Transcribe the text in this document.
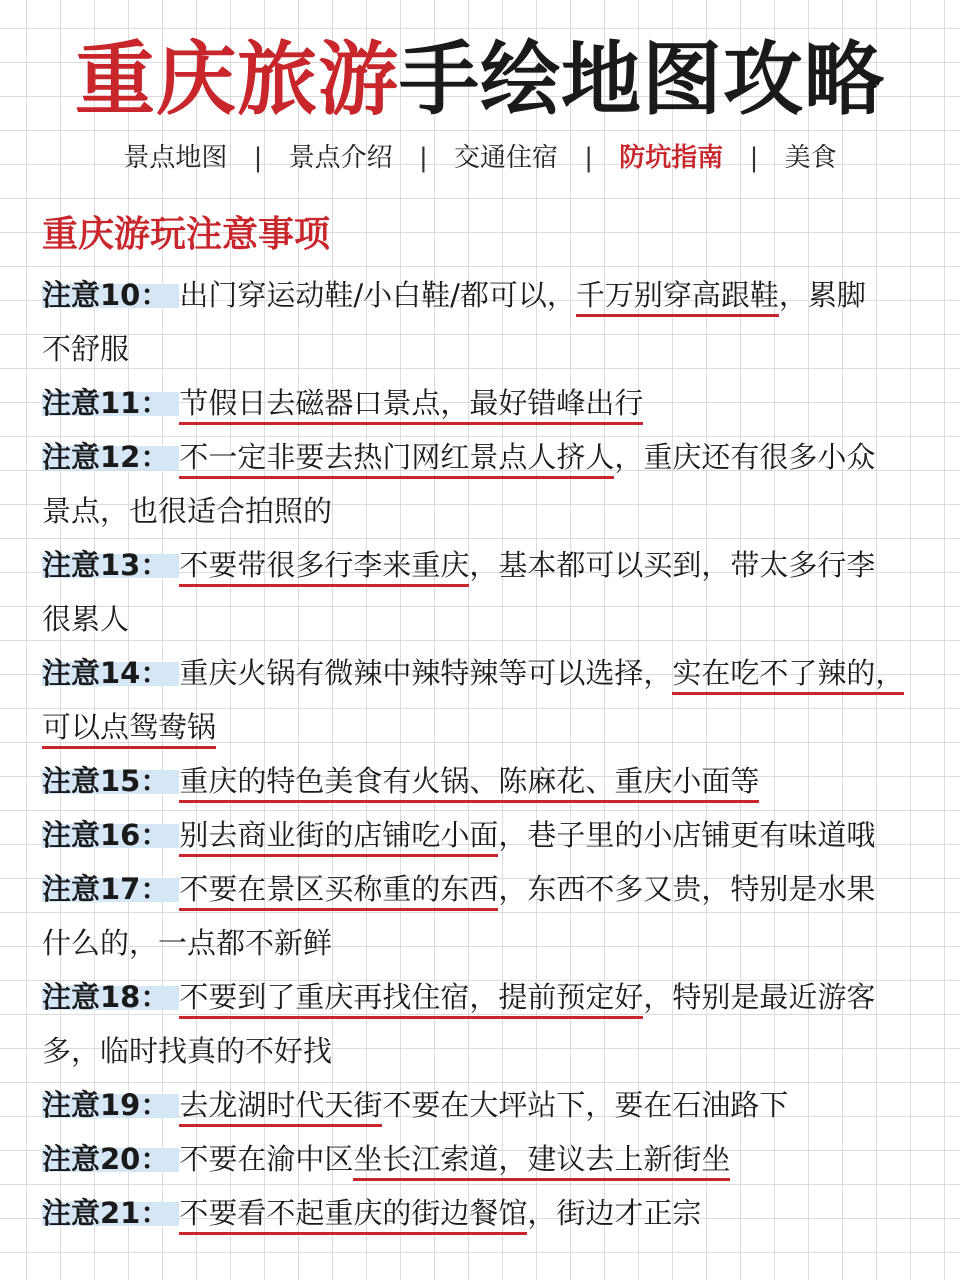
重庆旅游手绘地图攻略
景点地图 | 景点介绍 | 交通住宿 | 防坑指南 | 美食
重庆游玩注意事项

注意10： 出门穿运动鞋/小白鞋/都可以，千万别穿高跟鞋，累脚

不舒服

注意11： 节假日去磁器口景点，最好错峰出行

注意12： 不一定非要去热门网红景点人挤人，重庆还有很多小众

景点，也很适合拍照的

注意13： 不要带很多行李来重庆，基本都可以买到，带太多行李

很累人

注意14： 重庆火锅有微辣中辣特辣等可以选择，实在吃不了辣的，

可以点鸳鸯锅

注意15： 重庆的特色美食有火锅、陈麻花、重庆小面等

注意16： 别去商业街的店铺吃小面，巷子里的小店铺更有味道哦

注意17： 不要在景区买称重的东西，东西不多又贵，特别是水果

什么的，一点都不新鲜

注意18： 不要到了重庆再找住宿，提前预定好，特别是最近游客

多，临时找真的不好找

注意19： 去龙湖时代天街不要在大坪站下，要在石油路下

注意20： 不要在渝中区坐长江索道，建议去上新街坐

注意21： 不要看不起重庆的街边餐馆，街边才正宗
